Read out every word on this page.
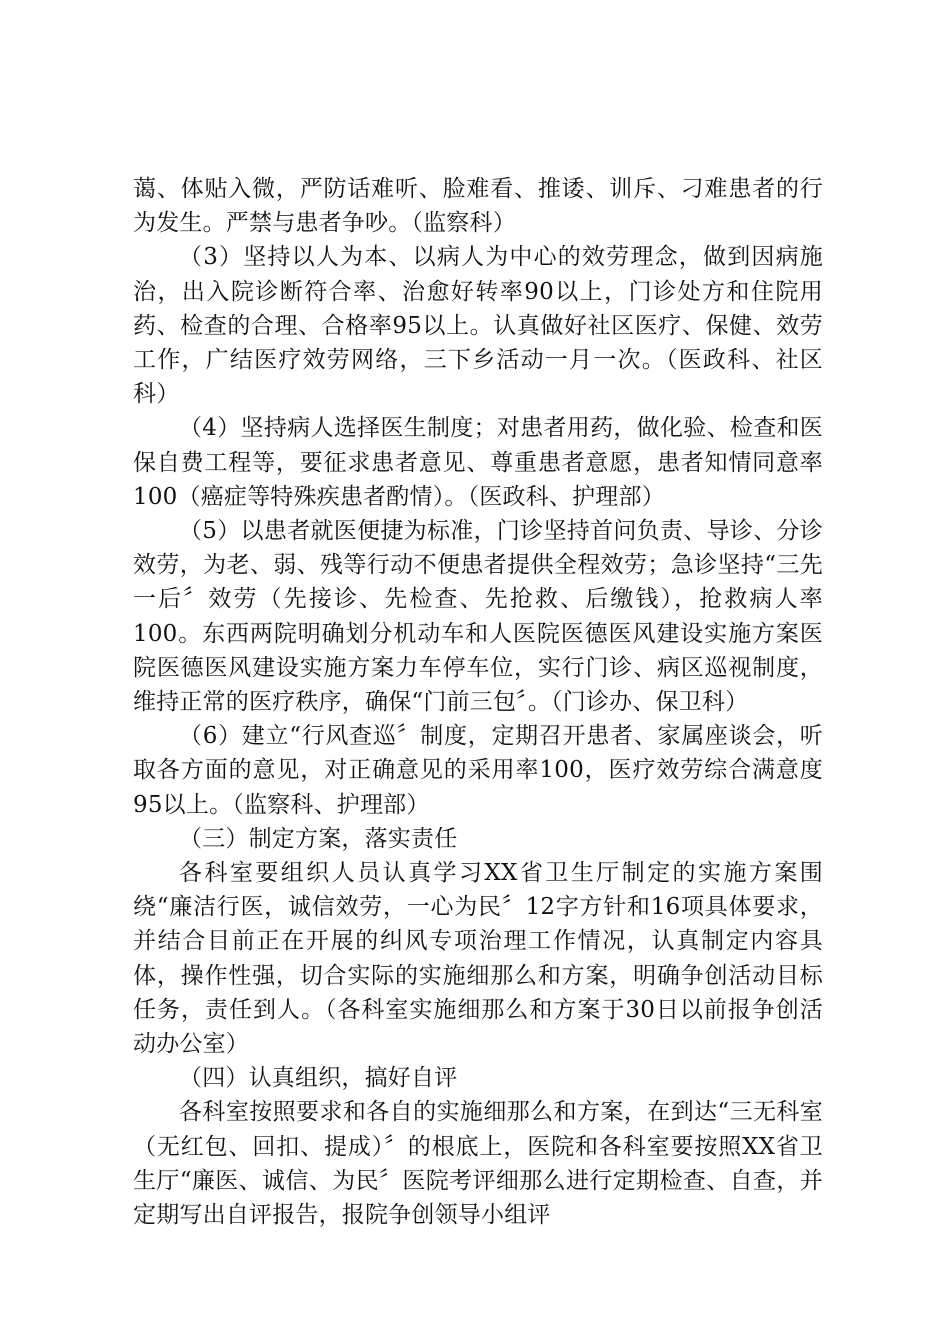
蔼、体贴入微，严防话难听、脸难看、推诿、训斥、刁难患者的行为发生。严禁与患者争吵。（监察科）

（3）坚持以人为本、以病人为中心的效劳理念，做到因病施治，出入院诊断符合率、治愈好转率90以上，门诊处方和住院用药、检查的合理、合格率95以上。认真做好社区医疗、保健、效劳工作，广结医疗效劳网络，三下乡活动一月一次。（医政科、社区科）

（4）坚持病人选择医生制度；对患者用药，做化验、检查和医保自费工程等，要征求患者意见、尊重患者意愿，患者知情同意率100（癌症等特殊疾患者酌情）。（医政科、护理部）

（5）以患者就医便捷为标准，门诊坚持首问负责、导诊、分诊效劳，为老、弱、残等行动不便患者提供全程效劳；急诊坚持“三先一后〞效劳（先接诊、先检查、先抢救、后缴钱），抢救病人率100。东西两院明确划分机动车和人医院医德医风建设实施方案医院医德医风建设实施方案力车停车位，实行门诊、病区巡视制度，维持正常的医疗秩序，确保“门前三包〞。（门诊办、保卫科）

（6）建立“行风查巡〞制度，定期召开患者、家属座谈会，听取各方面的意见，对正确意见的采用率100，医疗效劳综合满意度95以上。（监察科、护理部）

（三）制定方案，落实责任

各科室要组织人员认真学习XX省卫生厅制定的实施方案围绕“廉洁行医，诚信效劳，一心为民〞12字方针和16项具体要求，并结合目前正在开展的纠风专项治理工作情况，认真制定内容具体，操作性强，切合实际的实施细那么和方案，明确争创活动目标任务，责任到人。（各科室实施细那么和方案于30日以前报争创活动办公室）

（四）认真组织，搞好自评

各科室按照要求和各自的实施细那么和方案，在到达“三无科室（无红包、回扣、提成）〞的根底上，医院和各科室要按照XX省卫生厅“廉医、诚信、为民〞医院考评细那么进行定期检查、自查，并定期写出自评报告，报院争创领导小组评
